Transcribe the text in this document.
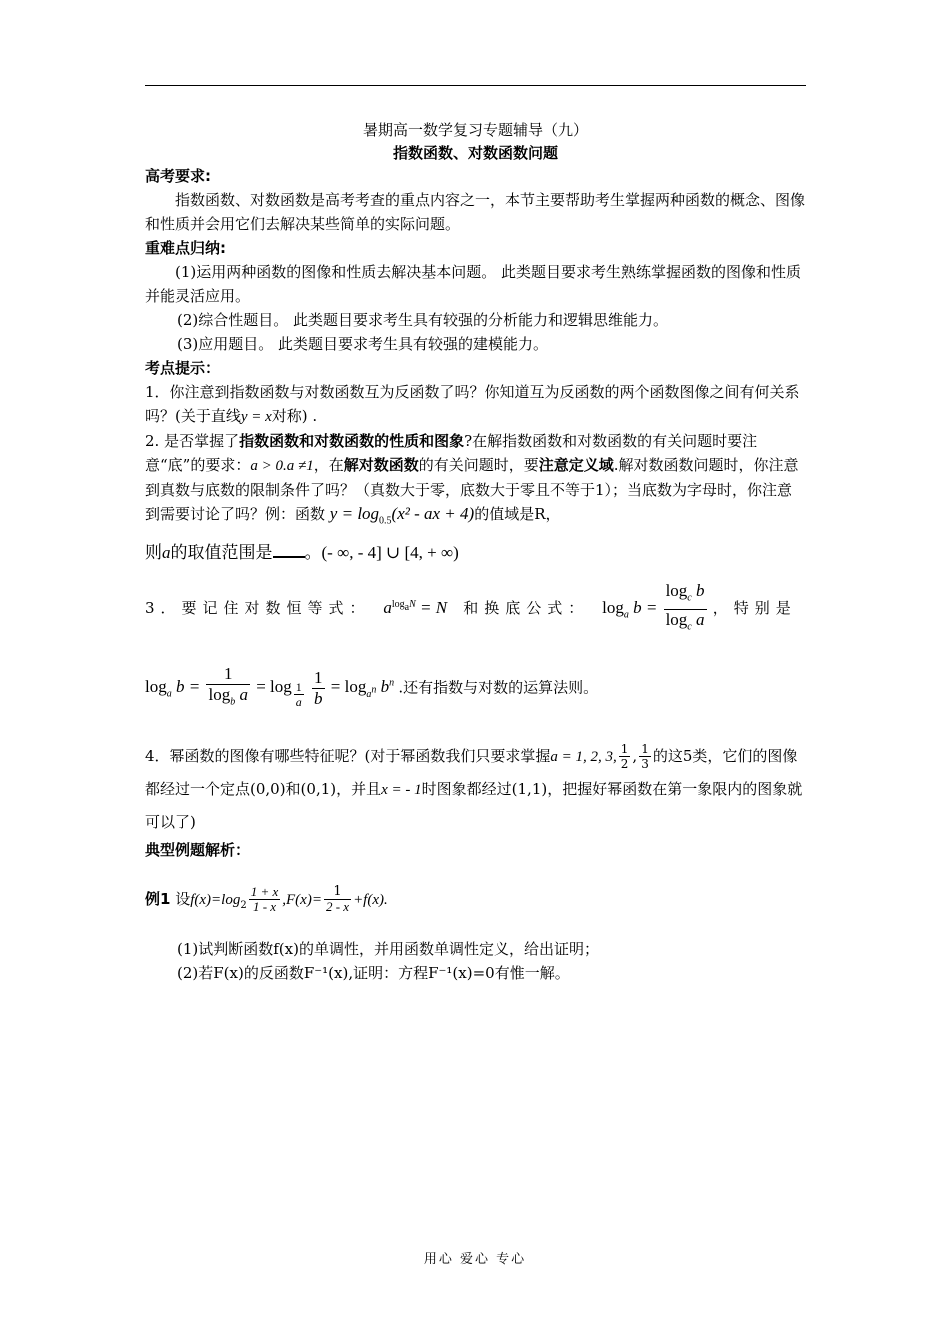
暑期高一数学复习专题辅导（九）
指数函数、对数函数问题
高考要求:

指数函数、对数函数是高考考查的重点内容之一，本节主要帮助考生掌握两种函数的概念、图像和性质并会用它们去解决某些简单的实际问题。

重难点归纳:

(1)运用两种函数的图像和性质去解决基本问题。 此类题目要求考生熟练掌握函数的图像和性质并能灵活应用。

(2)综合性题目。 此类题目要求考生具有较强的分析能力和逻辑思维能力。

(3)应用题目。 此类题目要求考生具有较强的建模能力。

考点提示：

1．你注意到指数函数与对数函数互为反函数了吗？你知道互为反函数的两个函数图像之间有何关系吗？(关于直线y = x对称) .

2. 是否掌握了指数函数和对数函数的性质和图象?在解指数函数和对数函数的有关问题时要注意“底”的要求：a > 0.a ≠1，在解对数函数的有关问题时，要注意定义域.解对数函数问题时，你注意到真数与底数的限制条件了吗？（真数大于零，底数大于零且不等于1）；当底数为字母时，你注意到需要讨论了吗？例：函数 $y = \log_{0.5}(x^2$ - ax + 4)的值域是R，

则a的取值范围是 。(- ∞, - 4] ∪ [4, + ∞)

3．要记住对数恒等式： $a^{log_aN} = N$ 和换底公式： $\log_a b = \frac{\log_c b}{\log_c a}$ ，特别是

$\log_a b = \frac{1}{\log_b a} = \log _{\frac{1}{a}}$
$\frac{1}{b} = \log_{a^n} b^n$ .还有指数与对数的运算法则。

4．幂函数的图像有哪些特征呢？(对于幂函数我们只要求掌握a = 1, 2, 3, $\frac{1}{2}$ , $\frac{1}{3}$ 的这5类，它们的图像都经过一个定点(0,0)和(0,1)，并且x = - 1时图象都经过(1,1)，把握好幂函数在第一象限内的图象就可以了)

典型例题解析：

例1 设$f(x)=\log_2 \frac{1 + x}{1 - x} ,F(x)= \frac{1}{2 - x} +f(x)$.

(1)试判断函数f(x)的单调性，并用函数单调性定义，给出证明；

(2)若F(x)的反函数F⁻¹(x),证明：方程F⁻¹(x)=0有惟一解。

用心 爱心 专心
